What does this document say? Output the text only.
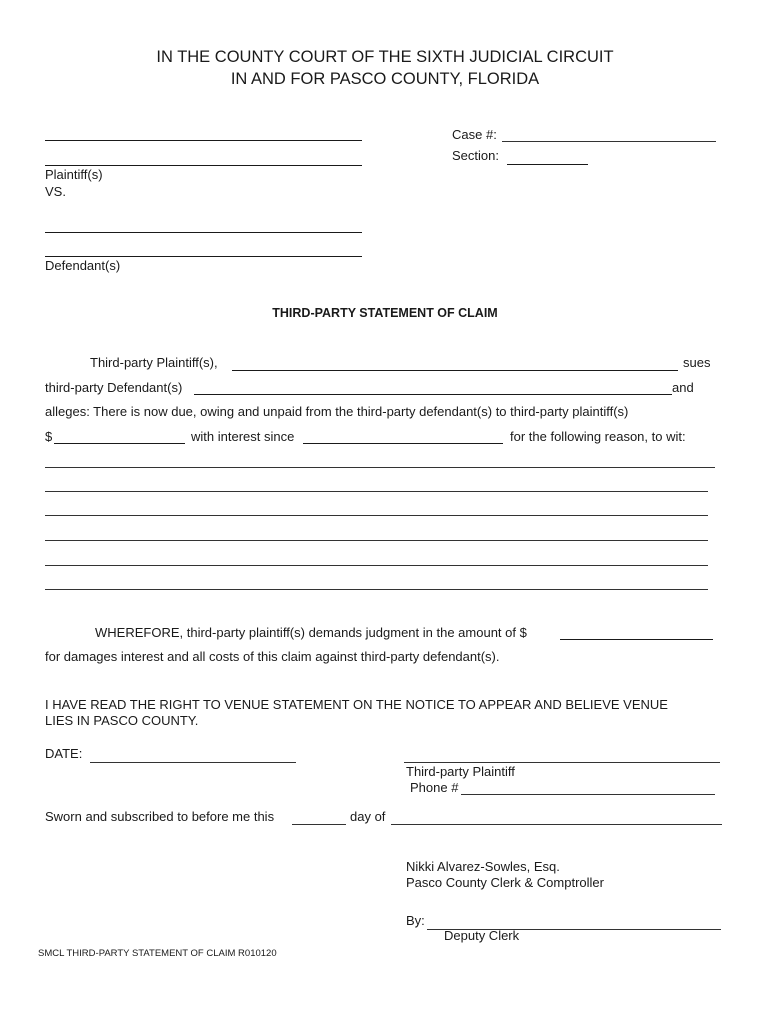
IN THE COUNTY COURT OF THE SIXTH JUDICIAL CIRCUIT
IN AND FOR PASCO COUNTY, FLORIDA
Plaintiff(s)
VS.
Defendant(s)
Case #:
Section:
THIRD-PARTY STATEMENT OF CLAIM
Third-party Plaintiff(s),	sues
third-party Defendant(s)	and
alleges: There is now due, owing and unpaid from the third-party defendant(s) to third-party plaintiff(s)
$	with interest since	for the following reason, to wit:
WHEREFORE, third-party plaintiff(s) demands judgment in the amount of $
for damages interest and all costs of this claim against third-party defendant(s).
I HAVE READ THE RIGHT TO VENUE STATEMENT ON THE NOTICE TO APPEAR AND BELIEVE VENUE
LIES IN PASCO COUNTY.
DATE:
Third-party Plaintiff
Phone #
Sworn and subscribed to before me this	day of
Nikki Alvarez-Sowles, Esq.
Pasco County Clerk & Comptroller
By:
Deputy Clerk
SMCL THIRD-PARTY STATEMENT OF CLAIM R010120
